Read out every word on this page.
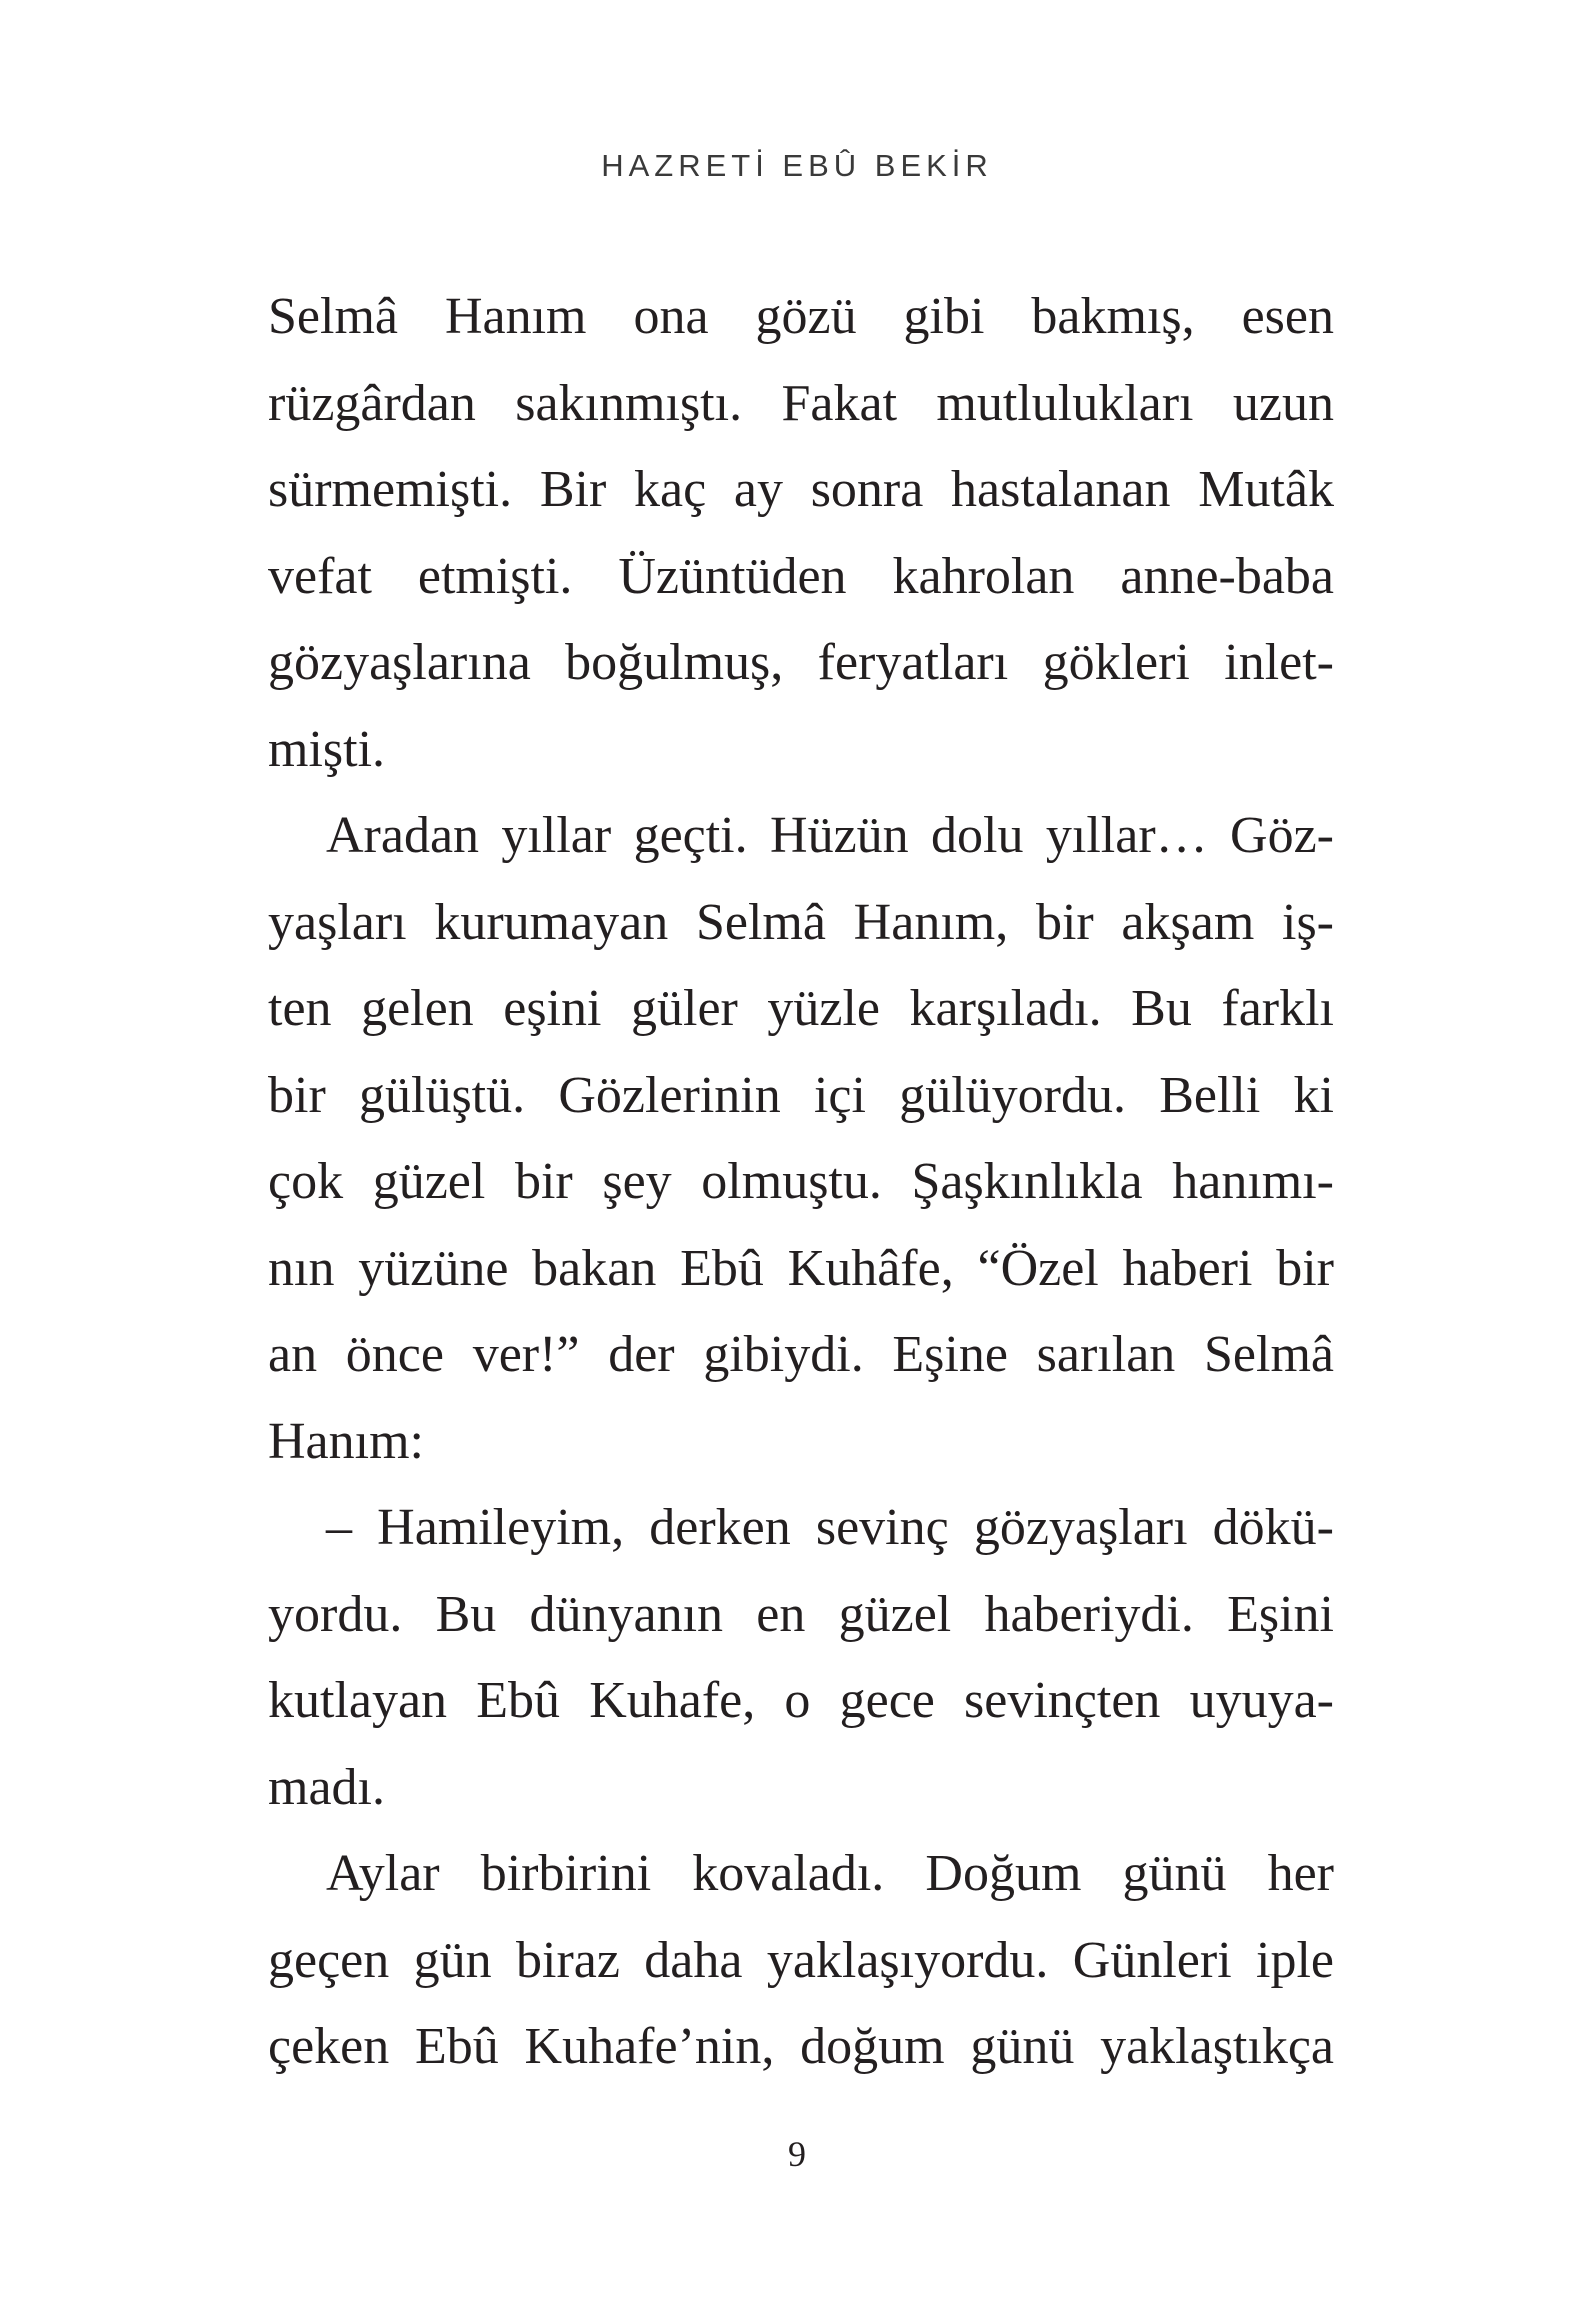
HAZRETİ EBÛ BEKİR
Selmâ Hanım ona gözü gibi bakmış, esen
rüzgârdan sakınmıştı. Fakat mutlulukları uzun
sürmemişti. Bir kaç ay sonra hastalanan Mutâk
vefat etmişti. Üzüntüden kahrolan anne-baba
gözyaşlarına boğulmuş, feryatları gökleri inlet-
mişti.
Aradan yıllar geçti. Hüzün dolu yıllar… Göz-
yaşları kurumayan Selmâ Hanım, bir akşam iş-
ten gelen eşini güler yüzle karşıladı. Bu farklı
bir gülüştü. Gözlerinin içi gülüyordu. Belli ki
çok güzel bir şey olmuştu. Şaşkınlıkla hanımı-
nın yüzüne bakan Ebû Kuhâfe, “Özel haberi bir
an önce ver!” der gibiydi. Eşine sarılan Selmâ
Hanım:
– Hamileyim, derken sevinç gözyaşları dökü-
yordu. Bu dünyanın en güzel haberiydi. Eşini
kutlayan Ebû Kuhafe, o gece sevinçten uyuya-
madı.
Aylar birbirini kovaladı. Doğum günü her
geçen gün biraz daha yaklaşıyordu. Günleri iple
çeken Ebû Kuhafe’nin, doğum günü yaklaştıkça
9
